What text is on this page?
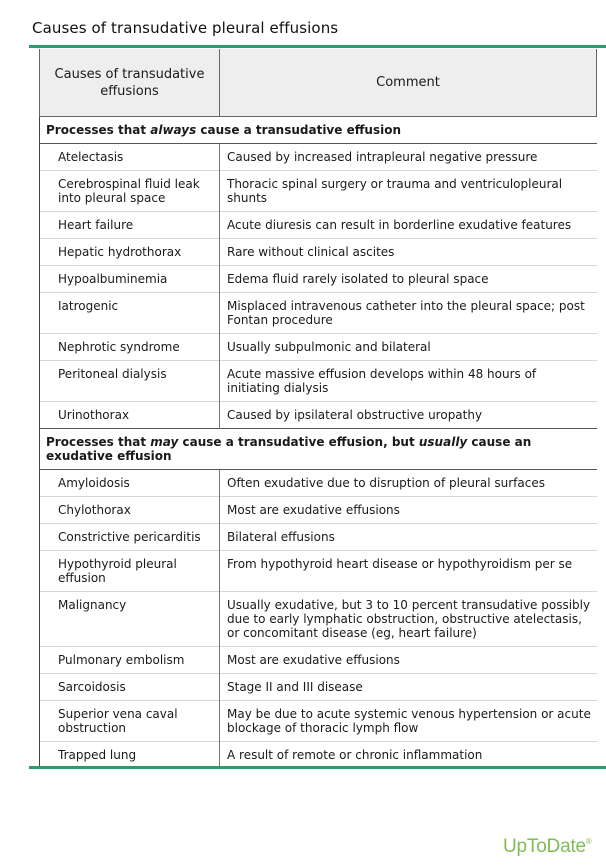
Causes of transudative pleural effusions
Causes of transudative effusions	Comment
Processes that always cause a transudative effusion	
Atelectasis	Caused by increased intrapleural negative pressure
Cerebrospinal fluid leak into pleural space	Thoracic spinal surgery or trauma and ventriculopleural shunts
Heart failure	Acute diuresis can result in borderline exudative features
Hepatic hydrothorax	Rare without clinical ascites
Hypoalbuminemia	Edema fluid rarely isolated to pleural space
Iatrogenic	Misplaced intravenous catheter into the pleural space; post Fontan procedure
Nephrotic syndrome	Usually subpulmonic and bilateral
Peritoneal dialysis	Acute massive effusion develops within 48 hours of initiating dialysis
Urinothorax	Caused by ipsilateral obstructive uropathy
Processes that may cause a transudative effusion, but usually cause an exudative effusion	
Amyloidosis	Often exudative due to disruption of pleural surfaces
Chylothorax	Most are exudative effusions
Constrictive pericarditis	Bilateral effusions
Hypothyroid pleural effusion	From hypothyroid heart disease or hypothyroidism per se
Malignancy	Usually exudative, but 3 to 10 percent transudative possibly due to early lymphatic obstruction, obstructive atelectasis, or concomitant disease (eg, heart failure)
Pulmonary embolism	Most are exudative effusions
Sarcoidosis	Stage II and III disease
Superior vena caval obstruction	May be due to acute systemic venous hypertension or acute blockage of thoracic lymph flow
Trapped lung	A result of remote or chronic inflammation
UpToDate®
